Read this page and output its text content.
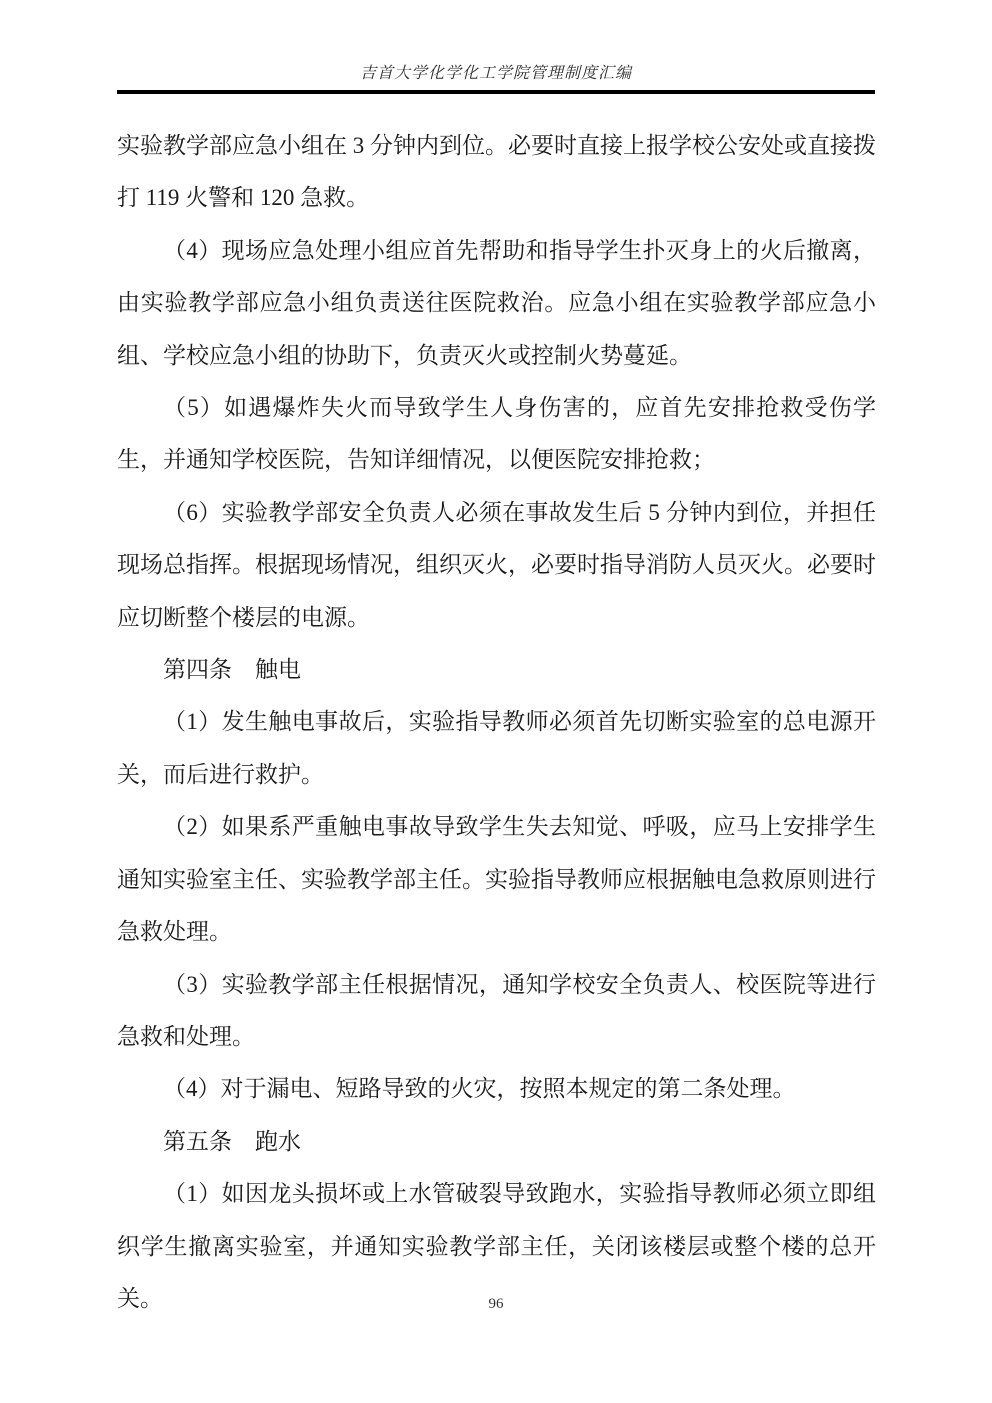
吉首大学化学化工学院管理制度汇编

实验教学部应急小组在 3 分钟内到位。必要时直接上报学校公安处或直接拨打 119 火警和 120 急救。

（4）现场应急处理小组应首先帮助和指导学生扑灭身上的火后撤离，由实验教学部应急小组负责送往医院救治。应急小组在实验教学部应急小组、学校应急小组的协助下，负责灭火或控制火势蔓延。

（5）如遇爆炸失火而导致学生人身伤害的，应首先安排抢救受伤学生，并通知学校医院，告知详细情况，以便医院安排抢救；

（6）实验教学部安全负责人必须在事故发生后 5 分钟内到位，并担任现场总指挥。根据现场情况，组织灭火，必要时指导消防人员灭火。必要时应切断整个楼层的电源。

第四条　触电

（1）发生触电事故后，实验指导教师必须首先切断实验室的总电源开关，而后进行救护。

（2）如果系严重触电事故导致学生失去知觉、呼吸，应马上安排学生通知实验室主任、实验教学部主任。实验指导教师应根据触电急救原则进行急救处理。

（3）实验教学部主任根据情况，通知学校安全负责人、校医院等进行急救和处理。

（4）对于漏电、短路导致的火灾，按照本规定的第二条处理。

第五条　跑水

（1）如因龙头损坏或上水管破裂导致跑水，实验指导教师必须立即组织学生撤离实验室，并通知实验教学部主任，关闭该楼层或整个楼的总开关。	96
